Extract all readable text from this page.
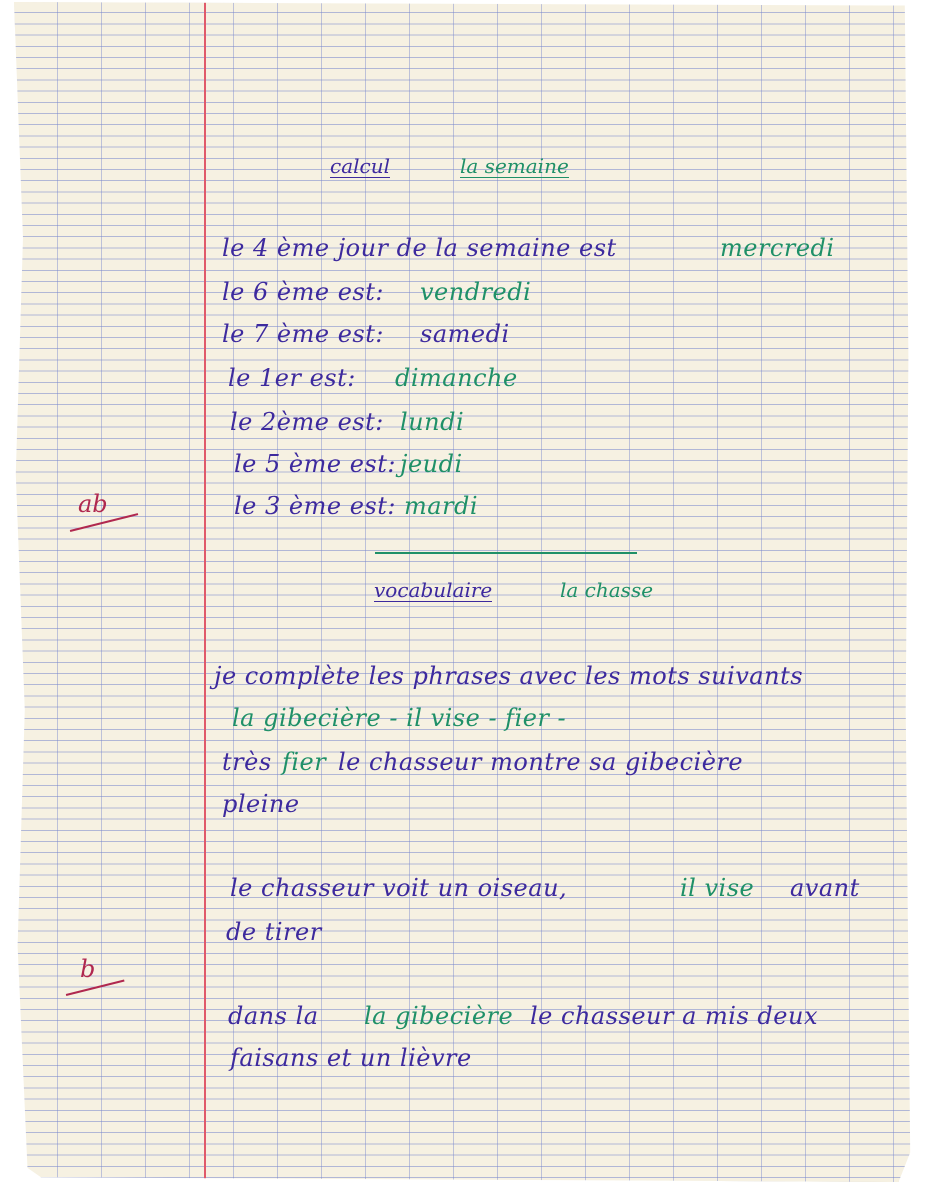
calcul	la semaine
le 4 ème jour de la semaine est	mercredi
le 6 ème est: vendredi
le 7 ème est: samedi
le 1er est: dimanche
le 2ème est: lundi
le 5 ème est: jeudi
le 3 ème est: mardi
vocabulaire	la chasse
je complète les phrases avec les mots suivants
la gibecière - il vise - fier -
très fier le chasseur montre sa gibecière
pleine
le chasseur voit un oiseau,	il vise avant
de tirer
dans la la gibecière le chasseur a mis deux
faisans et un lièvre
ab
b
